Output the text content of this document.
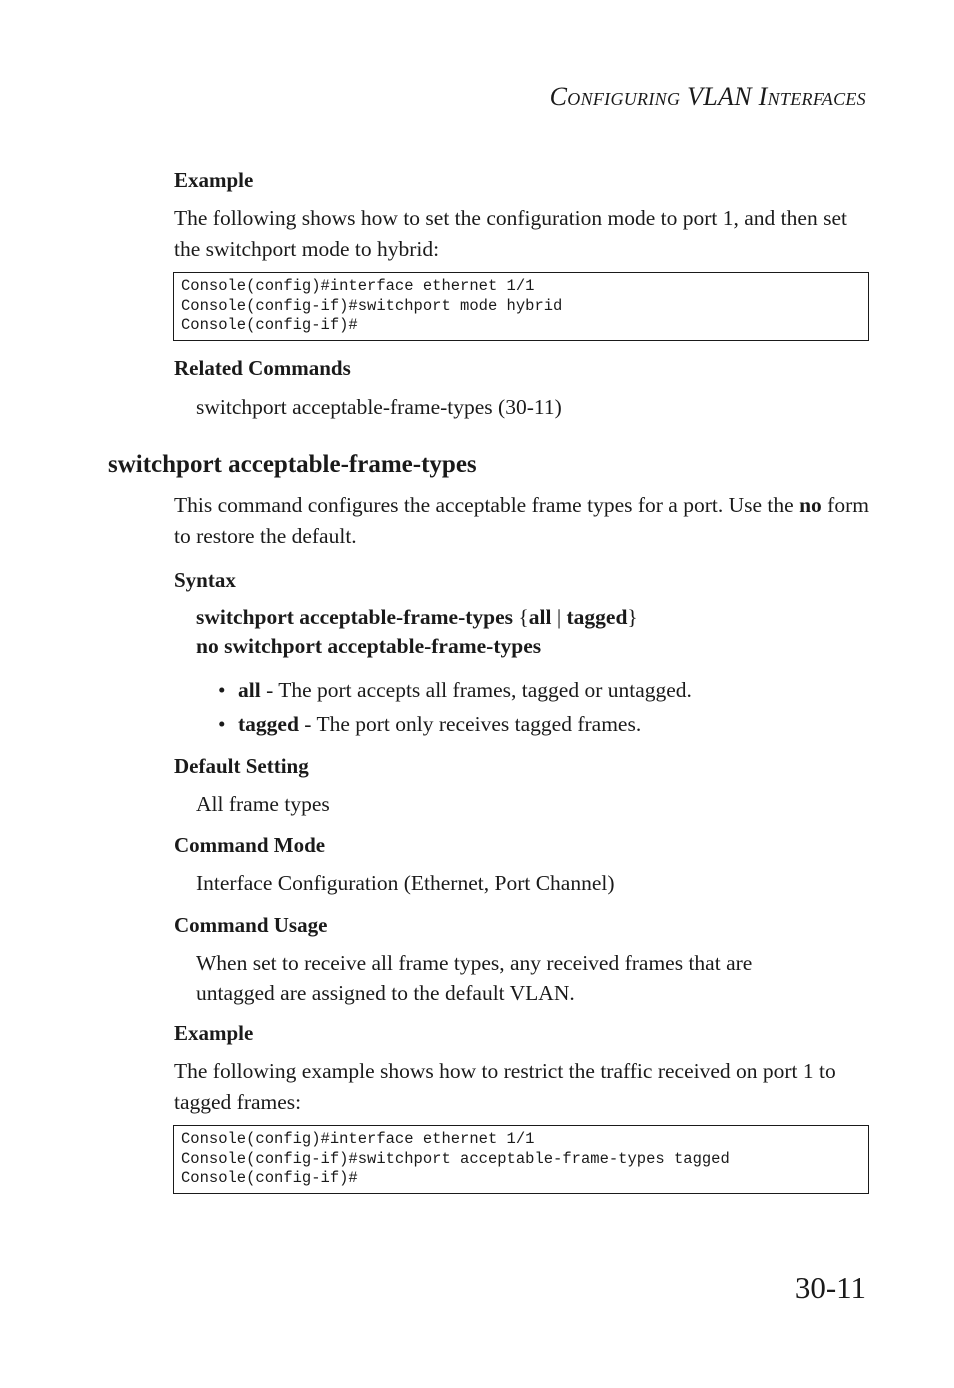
CONFIGURING VLAN INTERFACES
Example
The following shows how to set the configuration mode to port 1, and then set the switchport mode to hybrid:
Console(config)#interface ethernet 1/1
Console(config-if)#switchport mode hybrid
Console(config-if)#
Related Commands
switchport acceptable-frame-types (30-11)
switchport acceptable-frame-types
This command configures the acceptable frame types for a port. Use the no form to restore the default.
Syntax
switchport acceptable-frame-types {all | tagged}
no switchport acceptable-frame-types
• all - The port accepts all frames, tagged or untagged.
• tagged - The port only receives tagged frames.
Default Setting
All frame types
Command Mode
Interface Configuration (Ethernet, Port Channel)
Command Usage
When set to receive all frame types, any received frames that are untagged are assigned to the default VLAN.
Example
The following example shows how to restrict the traffic received on port 1 to tagged frames:
Console(config)#interface ethernet 1/1
Console(config-if)#switchport acceptable-frame-types tagged
Console(config-if)#
30-11
